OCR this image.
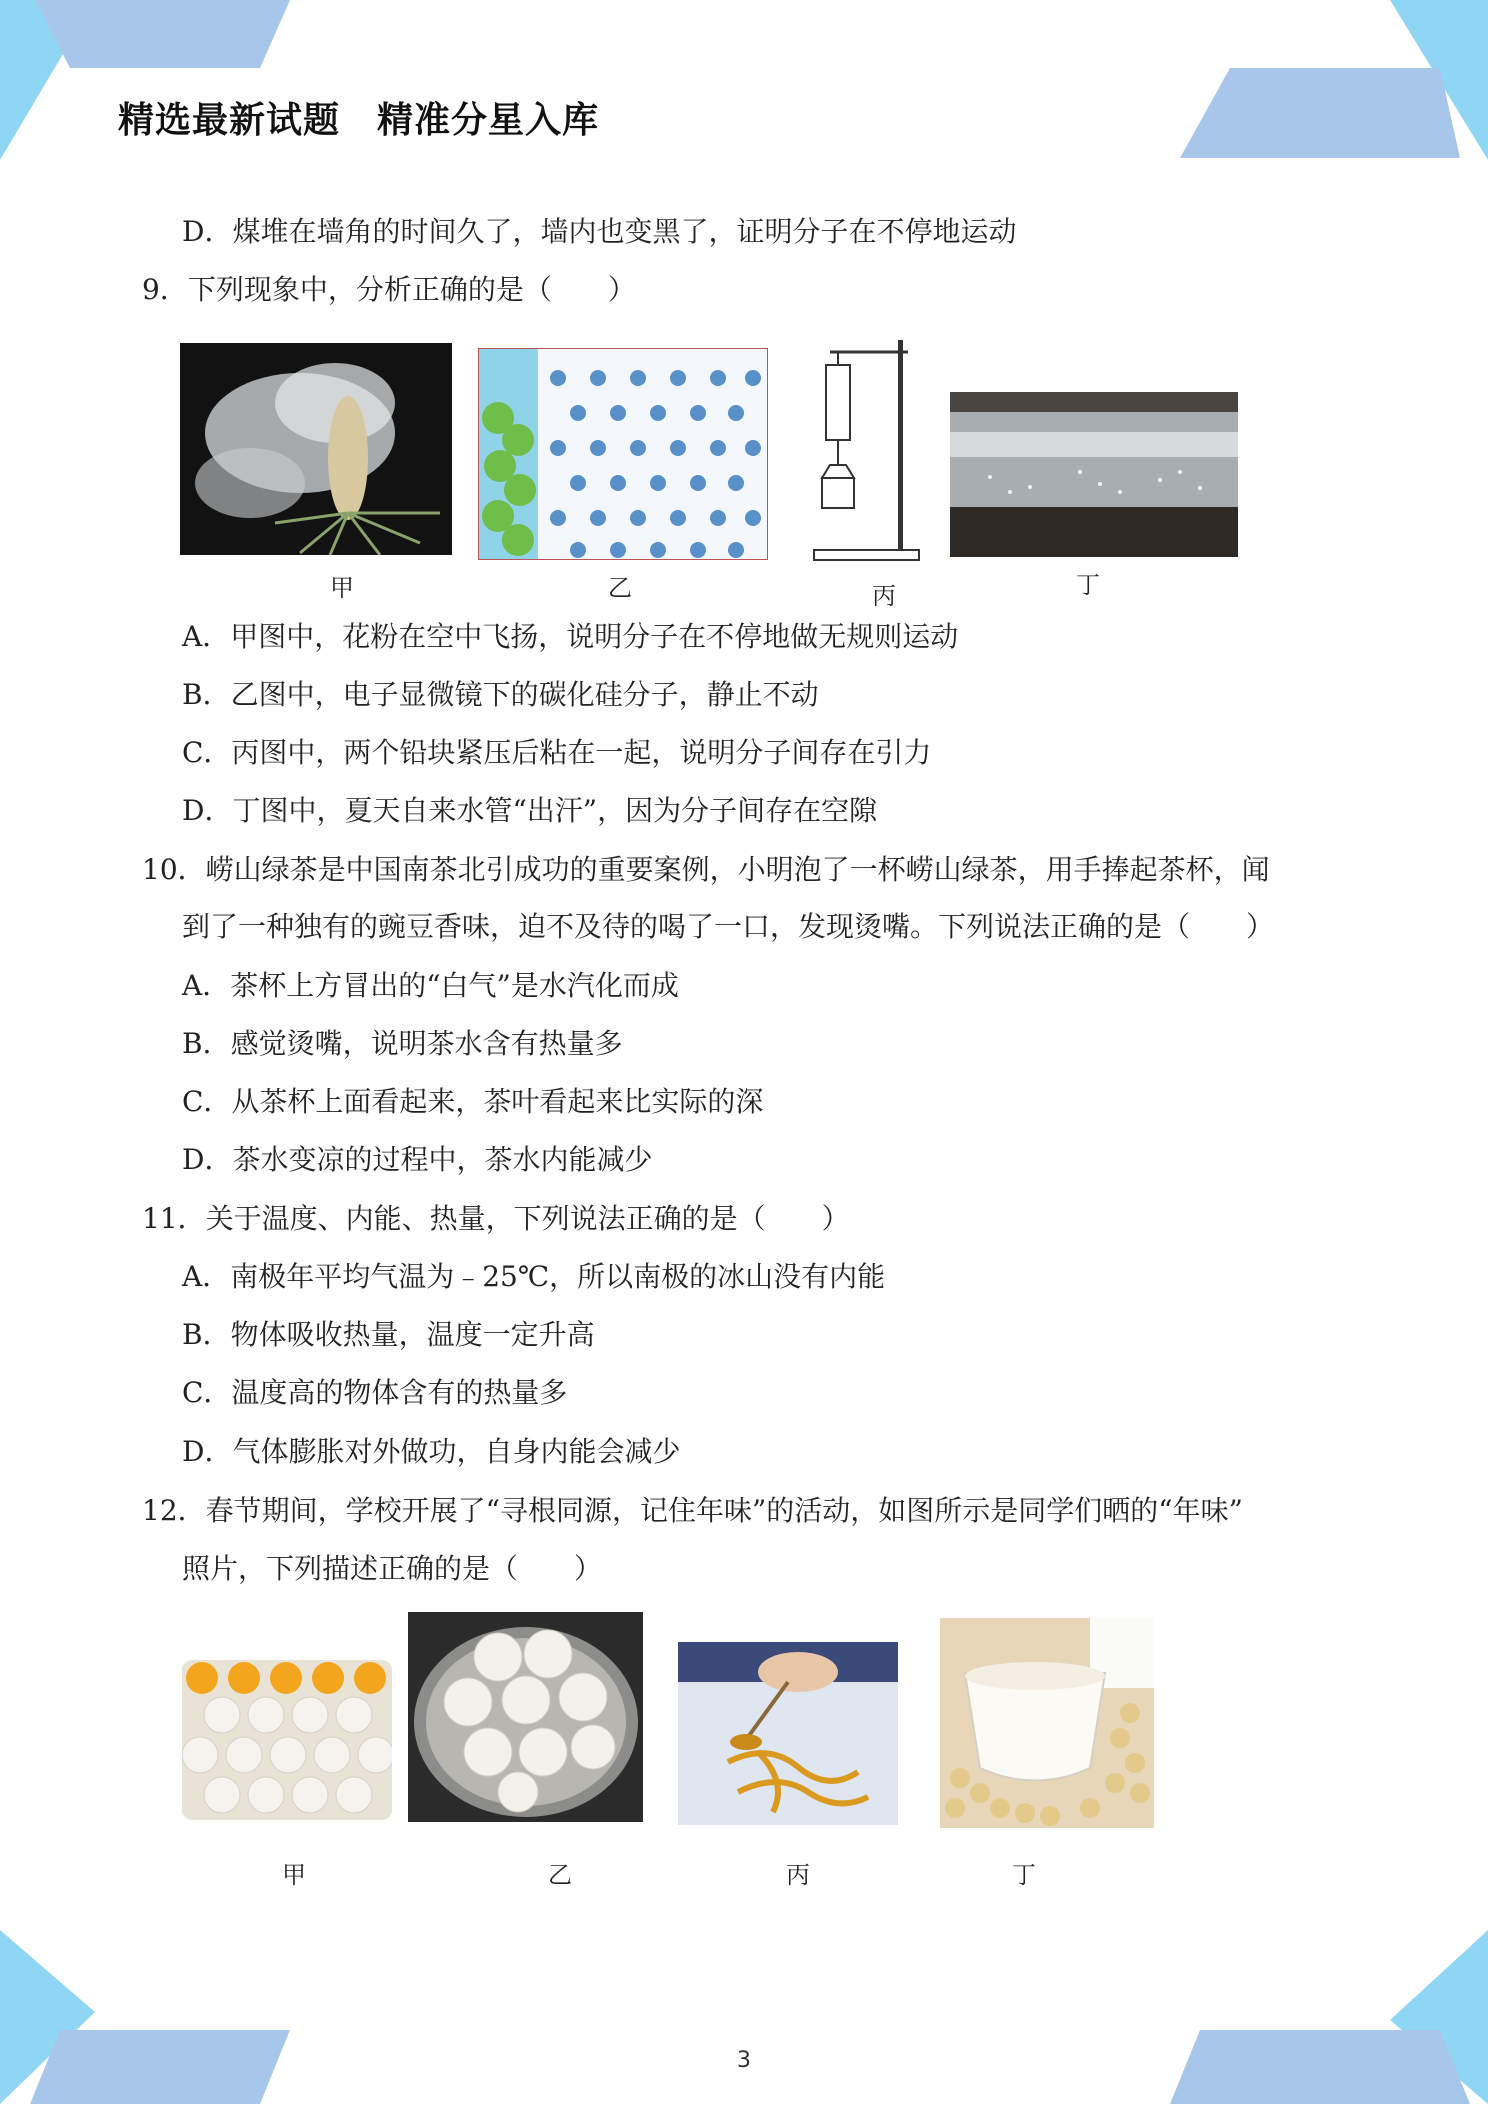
精选最新试题　精准分星入库
D．煤堆在墙角的时间久了，墙内也变黑了，证明分子在不停地运动
9．下列现象中，分析正确的是（　　）
甲	乙	丙	丁
A．甲图中，花粉在空中飞扬，说明分子在不停地做无规则运动
B．乙图中，电子显微镜下的碳化硅分子，静止不动
C．丙图中，两个铅块紧压后粘在一起，说明分子间存在引力
D．丁图中，夏天自来水管“出汗”，因为分子间存在空隙
10．崂山绿茶是中国南茶北引成功的重要案例，小明泡了一杯崂山绿茶，用手捧起茶杯，闻
到了一种独有的豌豆香味，迫不及待的喝了一口，发现烫嘴。下列说法正确的是（　　）
A．茶杯上方冒出的“白气”是水汽化而成
B．感觉烫嘴，说明茶水含有热量多
C．从茶杯上面看起来，茶叶看起来比实际的深
D．茶水变凉的过程中，茶水内能减少
11．关于温度、内能、热量，下列说法正确的是（　　）
A．南极年平均气温为﹣25℃，所以南极的冰山没有内能
B．物体吸收热量，温度一定升高
C．温度高的物体含有的热量多
D．气体膨胀对外做功，自身内能会减少
12．春节期间，学校开展了“寻根同源，记住年味”的活动，如图所示是同学们晒的“年味”
照片，下列描述正确的是（　　）
甲	乙	丙	丁
3
